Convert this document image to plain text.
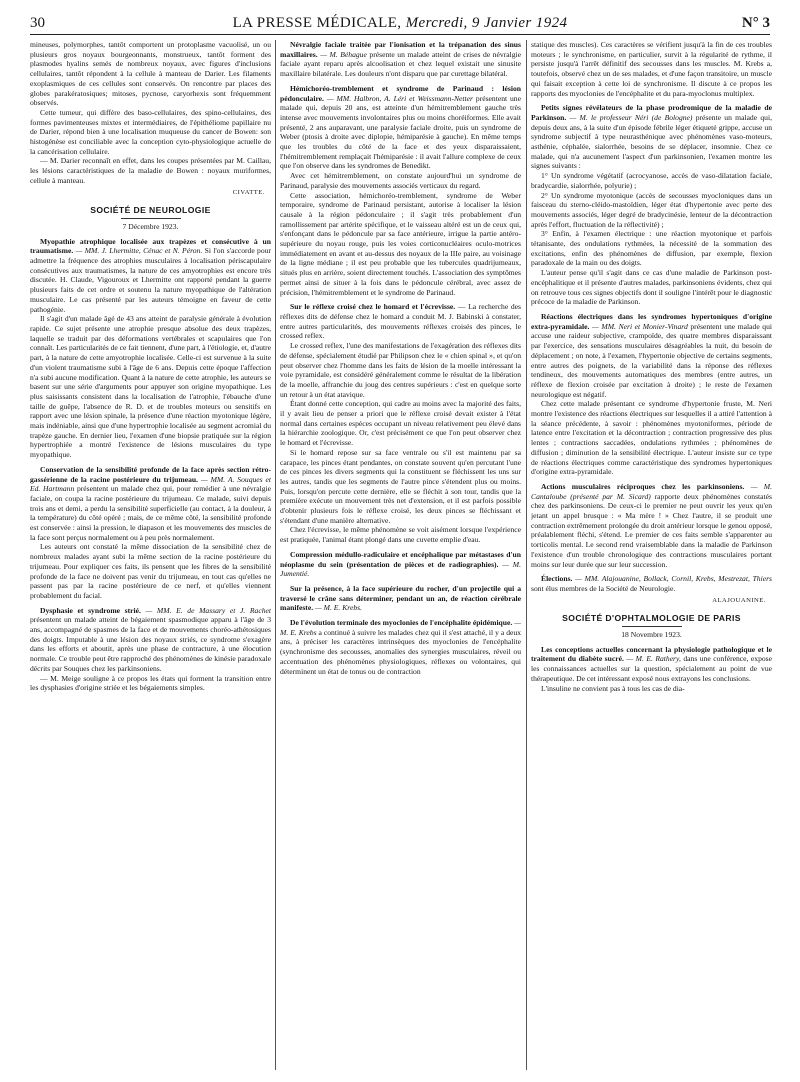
30	LA PRESSE MÉDICALE, Mercredi, 9 Janvier 1924	N° 3

mineuses, polymorphes, tantôt comportent un protoplasme vacuolisé, un ou plusieurs gros noyaux bourgeonnants, monstrueux, tantôt forment des plasmodes hyalins semés de nombreux noyaux, avec figures d'inclusions cellulaires, tantôt répondent à la cellule à manteau de Darier. Les filaments exoplasmiques de ces cellules sont conservés. On rencontre par places des globes parakératosiques; mitoses, pycnose, caryorhexis sont fréquemment observés.

Cette tumeur, qui diffère des baso-cellulaires, des spino-cellulaires, des formes pavimenteuses mixtes et intermédiaires, de l'épithéliome papillaire nu de Darier, répond bien à une localisation muqueuse du cancer de Bowen: son histogénèse est conciliable avec la conception cyto-physiologique actuelle de la cancérisation cellulaire.

— M. Darier reconnaît en effet, dans les coupes présentées par M. Caillau, les lésions caractéristiques de la maladie de Bowen : noyaux muriformes, cellule à manteau.

CIVATTE.
SOCIÉTÉ DE NEUROLOGIE
7 Décembre 1923.

Myopathie atrophique localisée aux trapèzes et consécutive à un traumatisme. — MM. J. Lhermitte, Cénac et N. Péron. Si l'on s'accorde pour admettre la fréquence des atrophies musculaires à localisation périscapulaire consécutives aux traumatismes, la nature de ces amyotrophies est encore très discutée. H. Claude, Vigouroux et Lhermitte ont rapporté pendant la guerre plusieurs faits de cet ordre et soutenu la nature myopathique de l'altération musculaire. Le cas présenté par les auteurs témoigne en faveur de cette pathogénie.

Il s'agit d'un malade âgé de 43 ans atteint de paralysie générale à évolution rapide. Ce sujet présente une atrophie presque absolue des deux trapèzes, laquelle se traduit par des déformations vertébrales et scapulaires que l'on connaît. Les particularités de ce fait tiennent, d'une part, à l'étiologie, et, d'autre part, à la nature de cette amyotrophie localisée. Celle-ci est survenue à la suite d'un violent traumatisme subi à l'âge de 6 ans. Depuis cette époque l'affection n'a subi aucune modification. Quant à la nature de cette atrophie, les auteurs se basent sur une série d'arguments pour appuyer son origine myopathique. Les plus saisissants consistent dans la localisation de l'atrophie, l'ébauche d'une taille de guêpe, l'absence de R. D. et de troubles moteurs ou sensitifs en rapport avec une lésion spinale, la présence d'une réaction myotonique légère, mais indéniable, ainsi que d'une hypertrophie localisée au segment acromial du trapèze gauche. En dernier lieu, l'examen d'une biopsie pratiquée sur la région hypertrophiée a montré l'existence de lésions musculaires du type myopathique.

Conservation de la sensibilité profonde de la face après section rétro-gassérienne de la racine postérieure du trijumeau. — MM. A. Souques et Ed. Hartmann présentent un malade chez qui, pour remédier à une névralgie faciale, on coupa la racine postérieure du trijumeau. Ce malade, suivi depuis trois ans et demi, a perdu la sensibilité superficielle (au contact, à la douleur, à la température) du côté opéré ; mais, de ce même côté, la sensibilité profonde est conservée : ainsi la pression, le diapason et les mouvements des muscles de la face sont perçus normalement ou à peu près normalement.

Les auteurs ont constaté la même dissociation de la sensibilité chez de nombreux malades ayant subi la même section de la racine postérieure du trijumeau. Pour expliquer ces faits, ils pensent que les fibres de la sensibilité profonde de la face ne doivent pas venir du trijumeau, en tout cas qu'elles ne passent pas par la racine postérieure de ce nerf, et qu'elles viennent probablement du facial.

Dysphasie et syndrome strié. — MM. E. de Massary et J. Rachet présentent un malade atteint de bégaiement spasmodique apparu à l'âge de 3 ans, accompagné de spasmes de la face et de mouvements choréo-athétosiques des doigts. Imputable à une lésion des noyaux striés, ce syndrome s'exagère dans les efforts et aboutit, après une phase de contracture, à une élocution normale. Ce trouble peut être rapproché des phénomènes de kinésie paradoxale décrits par Souques chez les parkinsoniens.

— M. Meige souligne à ce propos les états qui forment la transition entre les dysphasies d'origine striée et les bégaiements simples.

Névralgie faciale traitée par l'ionisation et la trépanation des sinus maxillaires. — M. Béhague présente un malade atteint de crises de névralgie faciale ayant reparu après alcoolisation et chez lequel existait une sinusite maxillaire bilatérale. Les douleurs n'ont disparu que par curettage bilatéral.

Hémichoréo-tremblement et syndrome de Parinaud : lésion pédonculaire. — MM. Halbron, A. Léri et Weissmann-Netter présentent une malade qui, depuis 20 ans, est atteinte d'un hémitremblement gauche très intense avec mouvements involontaires plus ou moins choréiformes. Elle avait présenté, 2 ans auparavant, une paralysie faciale droite, puis un syndrome de Weber (ptosis à droite avec diplopie, hémiparésie à gauche). En même temps que les troubles du côté de la face et des yeux disparaissaient, l'hémitremblement remplaçait l'hémiparésie : il avait l'allure complexe de ceux que l'on observe dans les syndromes de Benedikt.

Avec cet hémitremblement, on constate aujourd'hui un syndrome de Parinaud, paralysie des mouvements associés verticaux du regard.

Cette association, hémichoréo-tremblement, syndrome de Weber temporaire, syndrome de Parinaud persistant, autorise à localiser la lésion causale à la région pédonculaire ; il s'agit très probablement d'un ramollissement par artérite spécifique, et le vaisseau altéré est un de ceux qui, s'enfonçant dans le pédoncule par sa face antérieure, irrigue la partie antéro-supérieure du noyau rouge, puis les voies corticonucléaires oculo-motrices immédiatement en avant et au-dessus des noyaux de la IIIe paire, au voisinage de la ligne médiane ; il est peu probable que les tubercules quadrijumeaux, situés plus en arrière, soient directement touchés. L'association des symptômes permet ainsi de situer à la fois dans le pédoncule cérébral, avec assez de précision, l'hémitremblement et le syndrome de Parinaud.

Sur le réflexe croisé chez le homard et l'écrevisse. — La recherche des réflexes dits de défense chez le homard a conduit M. J. Babinski à constater, entre autres particularités, des mouvements réflexes croisés des pinces, le crossed reflex.

Le crossed reflex, l'une des manifestations de l'exagération des réflexes dits de défense, spécialement étudié par Philipson chez le « chien spinal », et qu'on peut observer chez l'homme dans les faits de lésion de la moelle intéressant la voie pyramidale, est considéré généralement comme le résultat de la libération de la moelle, affranchie du joug des centres supérieurs : c'est en quelque sorte un retour à un état atavique.

Étant donné cette conception, qui cadre au moins avec la majorité des faits, il y avait lieu de penser a priori que le réflexe croisé devait exister à l'état normal dans certaines espèces occupant un niveau relativement peu élevé dans la hiérarchie zoologique. Or, c'est précisément ce que l'on peut observer chez le homard et l'écrevisse.

Si le homard repose sur sa face ventrale ou s'il est maintenu par sa carapace, les pinces étant pendantes, on constate souvent qu'en percutant l'une de ces pinces les divers segments qui la constituent se fléchissent les uns sur les autres, tandis que les segments de l'autre pince s'étendent plus ou moins. Puis, lorsqu'on percute cette dernière, elle se fléchit à son tour, tandis que la première exécute un mouvement très net d'extension, et il est parfois possible d'obtenir plusieurs fois le réflexe croisé, les deux pinces se fléchissant et s'étendant d'une manière alternative.

Chez l'écrevisse, le même phénomène se voit aisément lorsque l'expérience est pratiquée, l'animal étant plongé dans une cuvette emplie d'eau.

Compression médullo-radiculaire et encéphalique par métastases d'un néoplasme du sein (présentation de pièces et de radiographies). — M. Jumentié.

Sur la présence, à la face supérieure du rocher, d'un projectile qui a traversé le crâne sans déterminer, pendant un an, de réaction cérébrale manifeste. — M. E. Krebs.

De l'évolution terminale des myoclonies de l'encéphalite épidémique. — M. E. Krebs a continué à suivre les malades chez qui il s'est attaché, il y a deux ans, à préciser les caractères intrinsèques des myoclonies de l'encéphalite (synchronisme des secousses, anomalies des synergies musculaires, réveil ou accentuation des phénomènes physiologiques, réflexes ou volontaires, qui déterminent un état de tonus ou de contraction

statique des muscles). Ces caractères se vérifient jusqu'à la fin de ces troubles moteurs ; le synchronisme, en particulier, survit à la régularité de rythme, il persiste jusqu'à l'arrêt définitif des secousses dans les muscles. M. Krebs a, toutefois, observé chez un de ses malades, et d'une façon transitoire, un muscle qui faisait exception à cette loi de synchronisme. Il discute à ce propos les rapports des myoclonies de l'encéphalite et du para-myoclonus multiplex.

Petits signes révélateurs de la phase prodromique de la maladie de Parkinson. — M. le professeur Néri (de Bologne) présente un malade qui, depuis deux ans, à la suite d'un épisode fébrile léger étiqueté grippe, accuse un syndrome subjectif à type neurasthénique avec phénomènes vaso-moteurs, asthénie, céphalée, sialorrhée, besoins de se déplacer, insomnie. Chez ce malade, qui n'a aucunement l'aspect d'un parkinsonien, l'examen montre les signes suivants :

1° Un syndrome végétatif (acrocyanose, accès de vaso-dilatation faciale, bradycardie, sialorrhée, polyurie) ;

2° Un syndrome myotonique (accès de secousses myocloniques dans un faisceau du sterno-cléido-mastoïdien, léger état d'hypertonie avec perte des mouvements associés, léger degré de bradycinésie, lenteur de la décontraction après l'effort, fluctuation de la réflectivité) ;

3° Enfin, à l'examen électrique : une réaction myotonique et parfois tétanisante, des ondulations rythmées, la nécessité de la sommation des excitations, enfin des phénomènes de diffusion, par exemple, flexion paradoxale de la main ou des doigts.

L'auteur pense qu'il s'agit dans ce cas d'une maladie de Parkinson post-encéphalitique et il présente d'autres malades, parkinsoniens évidents, chez qui on retrouve tous ces signes objectifs dont il souligne l'intérêt pour le diagnostic précoce de la maladie de Parkinson.

Réactions électriques dans les syndromes hypertoniques d'origine extra-pyramidale. — MM. Neri et Monier-Vinard présentent une malade qui accuse une raideur subjective, crampoïde, des quatre membres disparaissant par l'exercice, des sensations musculaires désagréables la nuit, du besoin de déplacement ; on note, à l'examen, l'hypertonie objective de certains segments, entre autres des poignets, de la variabilité dans la réponse des réflexes tendineux, des mouvements automatiques des membres (entre autres, un réflexe de flexion croisée par excitation à droite) ; le reste de l'examen neurologique est négatif.

Chez cette malade présentant ce syndrome d'hypertonie fruste, M. Neri montre l'existence des réactions électriques sur lesquelles il a attiré l'attention à la séance précédente, à savoir : phénomènes myotoniformes, période de latence entre l'excitation et la décontraction ; contraction progressive des plus lentes ; contractions saccadées, ondulations rythmées ; phénomènes de diffusion ; diminution de la sensibilité électrique. L'auteur insiste sur ce type de réactions électriques comme caractéristique des syndromes hypertoniques d'origine extra-pyramidale.

Actions musculaires réciproques chez les parkinsoniens. — M. Cantaloube (présenté par M. Sicard) rapporte deux phénomènes constatés chez des parkinsoniens. De ceux-ci le premier ne peut ouvrir les yeux qu'en jetant un appel brusque : « Ma mère ! » Chez l'autre, il se produit une contraction extrêmement prolongée du droit antérieur lorsque le genou opposé, préalablement fléchi, s'étend. Le premier de ces faits semble s'apparenter au torticolis mental. Le second rend vraisemblable dans la maladie de Parkinson l'existence d'un trouble chronologique des contractions musculaires portant moins sur leur durée que sur leur succession.

Élections. — MM. Alajouanine, Bollack, Cornil, Krebs, Mestrezat, Thiers sont élus membres de la Société de Neurologie.

ALAJOUANINE.
SOCIÉTÉ D'OPHTALMOLOGIE DE PARIS
18 Novembre 1923.

Les conceptions actuelles concernant la physiologie pathologique et le traitement du diabète sucré. — M. E. Rathery, dans une conférence, expose les connaissances actuelles sur la question, spécialement au point de vue thérapeutique. De cet intéressant exposé nous extrayons les conclusions.

L'insuline ne convient pas à tous les cas de dia-
